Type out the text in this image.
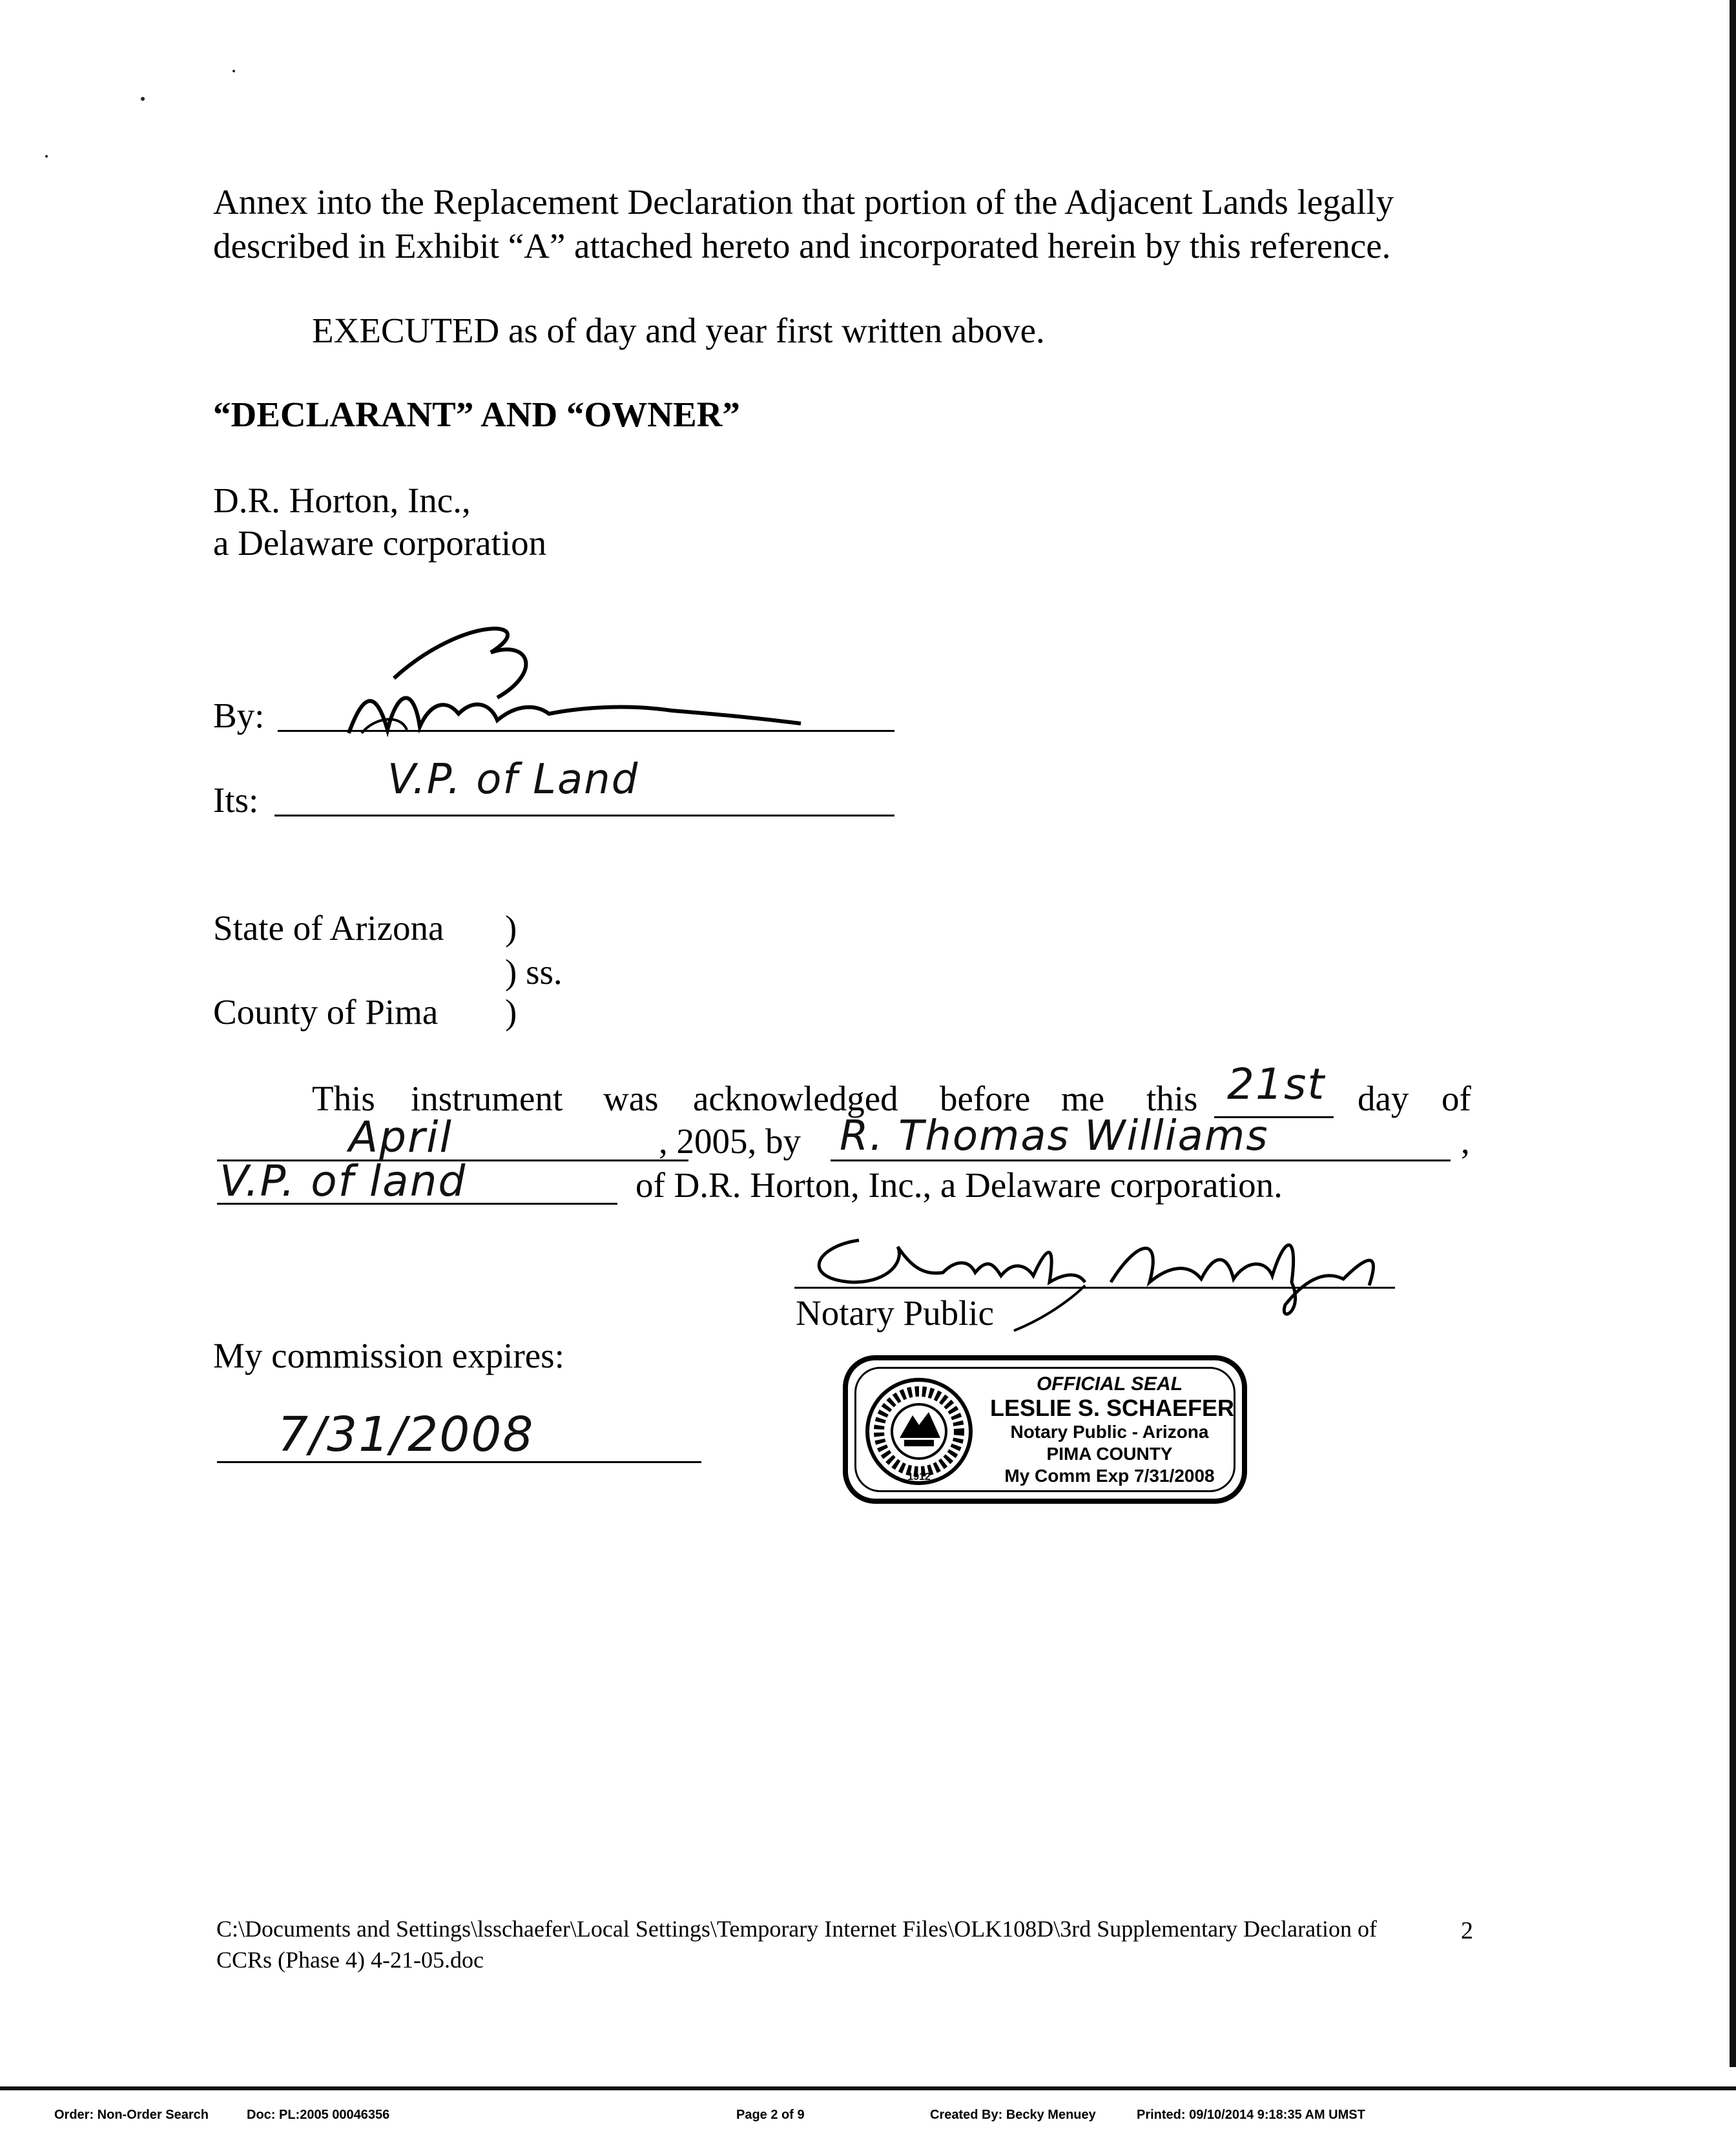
Annex into the Replacement Declaration that portion of the Adjacent Lands legally
described in Exhibit “A” attached hereto and incorporated herein by this reference.
EXECUTED as of day and year first written above.
“DECLARANT” AND “OWNER”
D.R. Horton, Inc.,
a Delaware corporation
By:
Its:	V.P. of Land
State of Arizona )
) ss.
County of Pima )
This instrument was acknowledged before me this 21st day of
April	, 2005, by R. Thomas Williams	,
V.P. of land	of D.R. Horton, Inc., a Delaware corporation.
Notary Public
My commission expires:
7/31/2008
1912
OFFICIAL SEAL
LESLIE S. SCHAEFER
Notary Public - Arizona
PIMA COUNTY
My Comm Exp 7/31/2008
C:\Documents and Settings\lsschaefer\Local Settings\Temporary Internet Files\OLK108D\3rd Supplementary Declaration of
CCRs (Phase 4) 4-21-05.doc
2
Order: Non-Order Search	Doc: PL:2005 00046356	Page 2 of 9	Created By: Becky Menuey	Printed: 09/10/2014 9:18:35 AM UMST
